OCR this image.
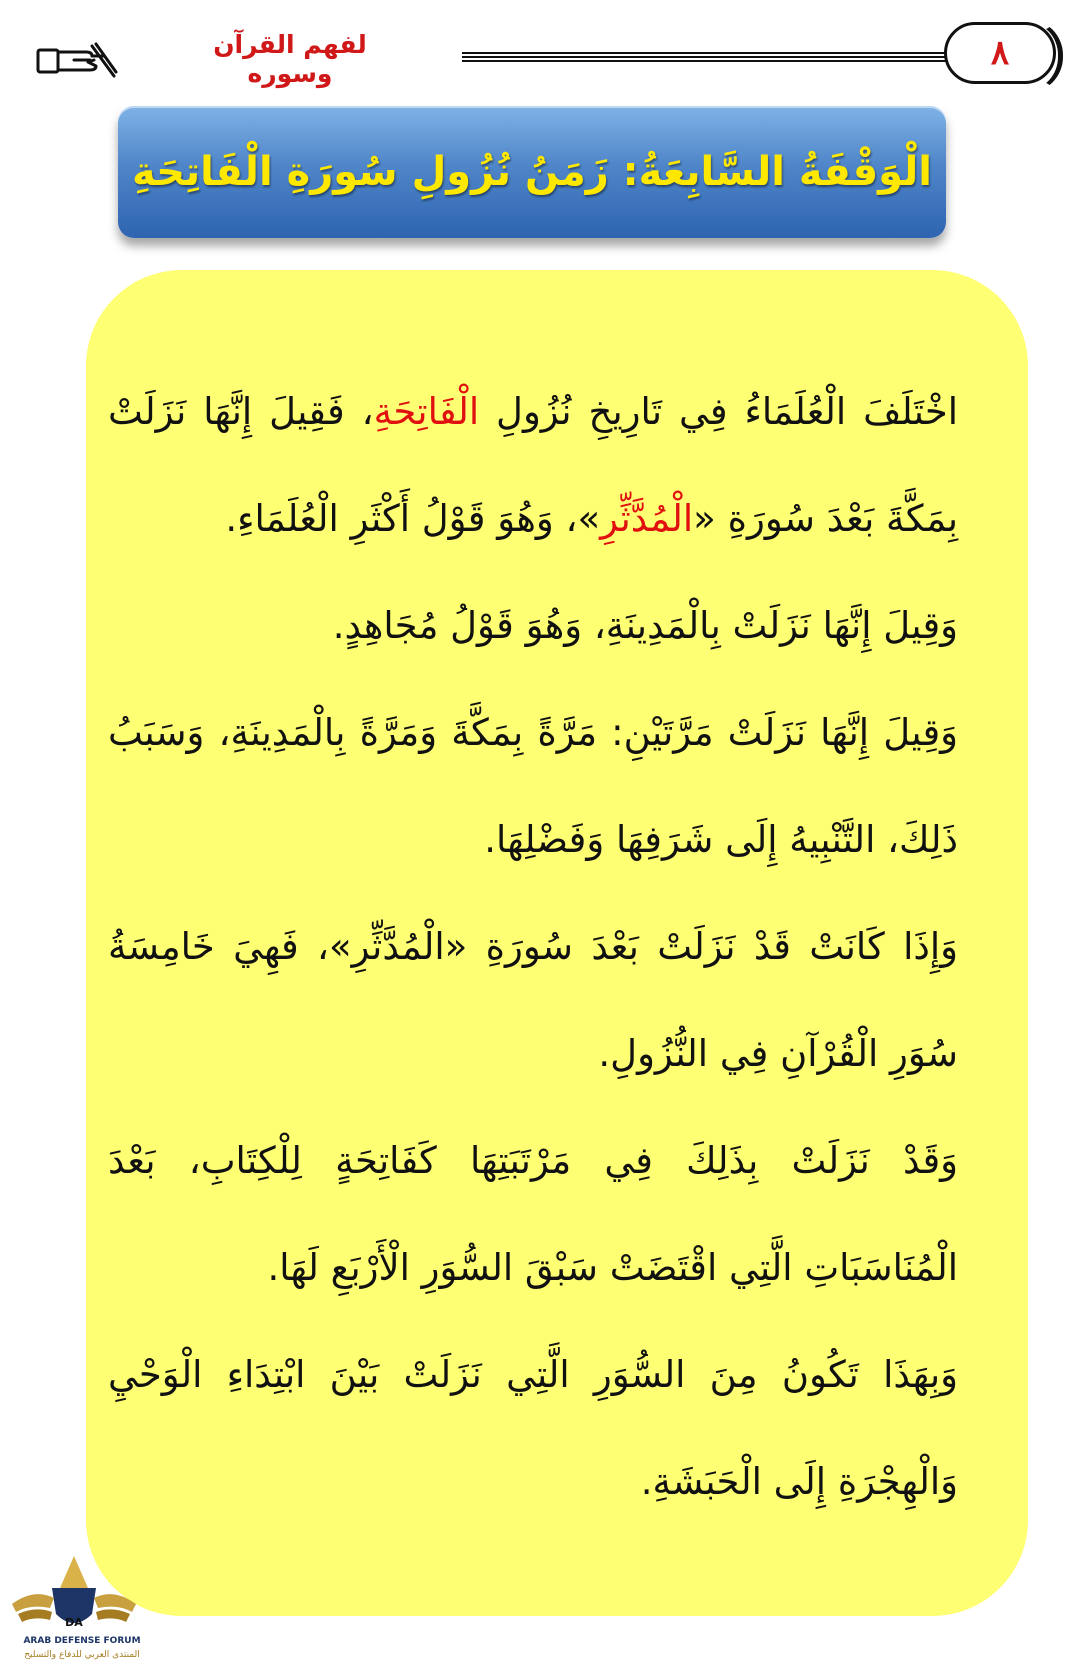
٨
لفهم القرآن وسوره
الْوَقْفَةُ السَّابِعَةُ: زَمَنُ نُزُولِ سُورَةِ الْفَاتِحَةِ

اخْتَلَفَ الْعُلَمَاءُ فِي تَارِيخِ نُزُولِ الْفَاتِحَةِ، فَقِيلَ إِنَّهَا نَزَلَتْ بِمَكَّةَ بَعْدَ سُورَةِ «الْمُدَّثِّرِ»، وَهُوَ قَوْلُ أَكْثَرِ الْعُلَمَاءِ.

وَقِيلَ إِنَّهَا نَزَلَتْ بِالْمَدِينَةِ، وَهُوَ قَوْلُ مُجَاهِدٍ.

وَقِيلَ إِنَّهَا نَزَلَتْ مَرَّتَيْنِ: مَرَّةً بِمَكَّةَ وَمَرَّةً بِالْمَدِينَةِ، وَسَبَبُ ذَلِكَ، التَّنْبِيهُ إِلَى شَرَفِهَا وَفَضْلِهَا.

وَإِذَا كَانَتْ قَدْ نَزَلَتْ بَعْدَ سُورَةِ «الْمُدَّثِّرِ»، فَهِيَ خَامِسَةُ سُوَرِ الْقُرْآنِ فِي النُّزُولِ.

وَقَدْ نَزَلَتْ بِذَلِكَ فِي مَرْتَبَتِهَا كَفَاتِحَةٍ لِلْكِتَابِ، بَعْدَ الْمُنَاسَبَاتِ الَّتِي اقْتَضَتْ سَبْقَ السُّوَرِ الْأَرْبَعِ لَهَا.

وَبِهَذَا تَكُونُ مِنَ السُّوَرِ الَّتِي نَزَلَتْ بَيْنَ ابْتِدَاءِ الْوَحْيِ وَالْهِجْرَةِ إِلَى الْحَبَشَةِ.

DA
ARAB DEFENSE FORUM
المنتدى العربي للدفاع والتسليح
